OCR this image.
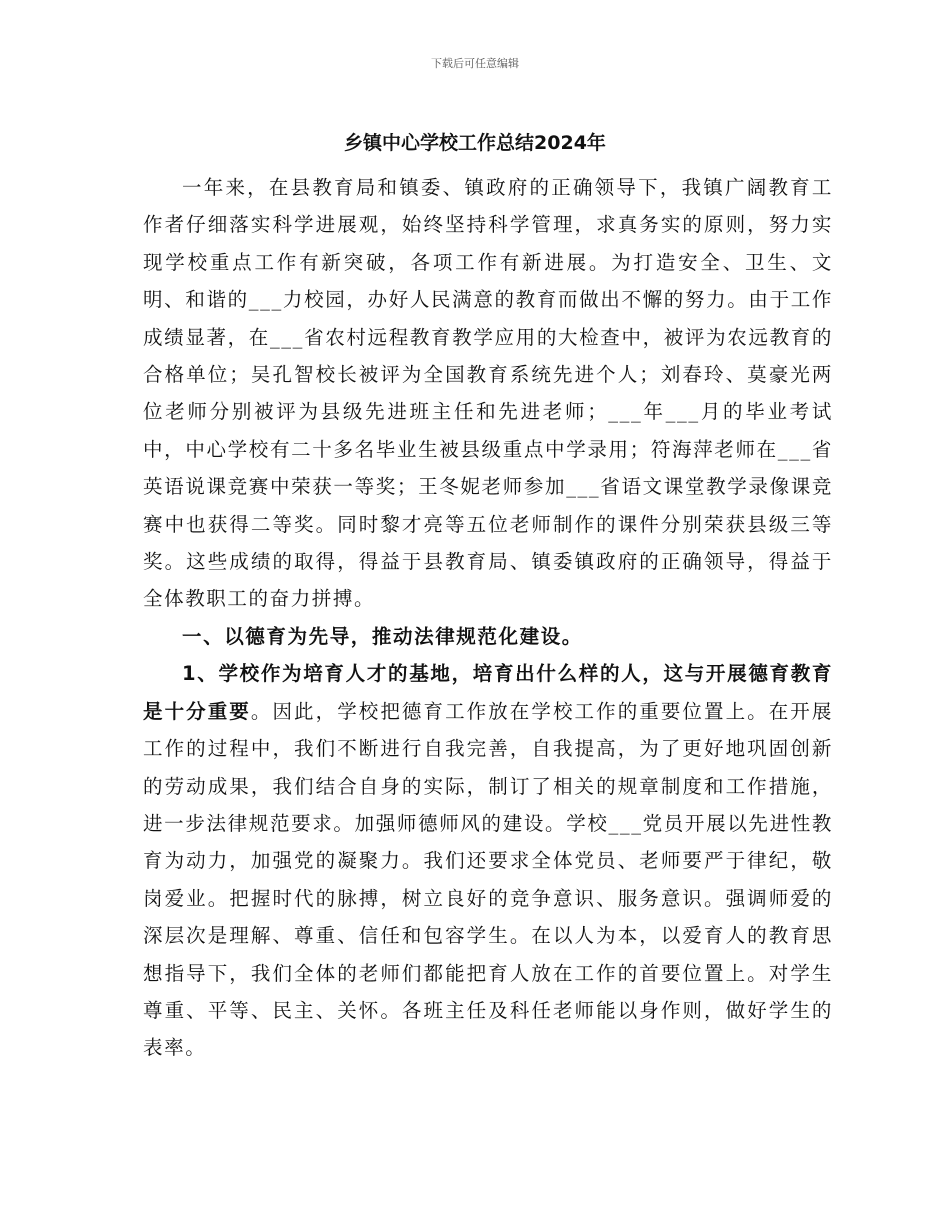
下载后可任意编辑
乡镇中心学校工作总结2024年

一年来，在县教育局和镇委、镇政府的正确领导下，我镇广阔教育工作者仔细落实科学进展观，始终坚持科学管理，求真务实的原则，努力实现学校重点工作有新突破，各项工作有新进展。为打造安全、卫生、文明、和谐的___力校园，办好人民满意的教育而做出不懈的努力。由于工作成绩显著，在___省农村远程教育教学应用的大检查中，被评为农远教育的合格单位；吴孔智校长被评为全国教育系统先进个人；刘春玲、莫豪光两位老师分别被评为县级先进班主任和先进老师；___年___月的毕业考试中，中心学校有二十多名毕业生被县级重点中学录用；符海萍老师在___省英语说课竞赛中荣获一等奖；王冬妮老师参加___省语文课堂教学录像课竞赛中也获得二等奖。同时黎才亮等五位老师制作的课件分别荣获县级三等奖。这些成绩的取得，得益于县教育局、镇委镇政府的正确领导，得益于全体教职工的奋力拼搏。

一、以德育为先导，推动法律规范化建设。

1、学校作为培育人才的基地，培育出什么样的人，这与开展德育教育是十分重要。因此，学校把德育工作放在学校工作的重要位置上。在开展工作的过程中，我们不断进行自我完善，自我提高，为了更好地巩固创新的劳动成果，我们结合自身的实际，制订了相关的规章制度和工作措施，进一步法律规范要求。加强师德师风的建设。学校___党员开展以先进性教育为动力，加强党的凝聚力。我们还要求全体党员、老师要严于律纪，敬岗爱业。把握时代的脉搏，树立良好的竞争意识、服务意识。强调师爱的深层次是理解、尊重、信任和包容学生。在以人为本，以爱育人的教育思想指导下，我们全体的老师们都能把育人放在工作的首要位置上。对学生尊重、平等、民主、关怀。各班主任及科任老师能以身作则，做好学生的表率。
